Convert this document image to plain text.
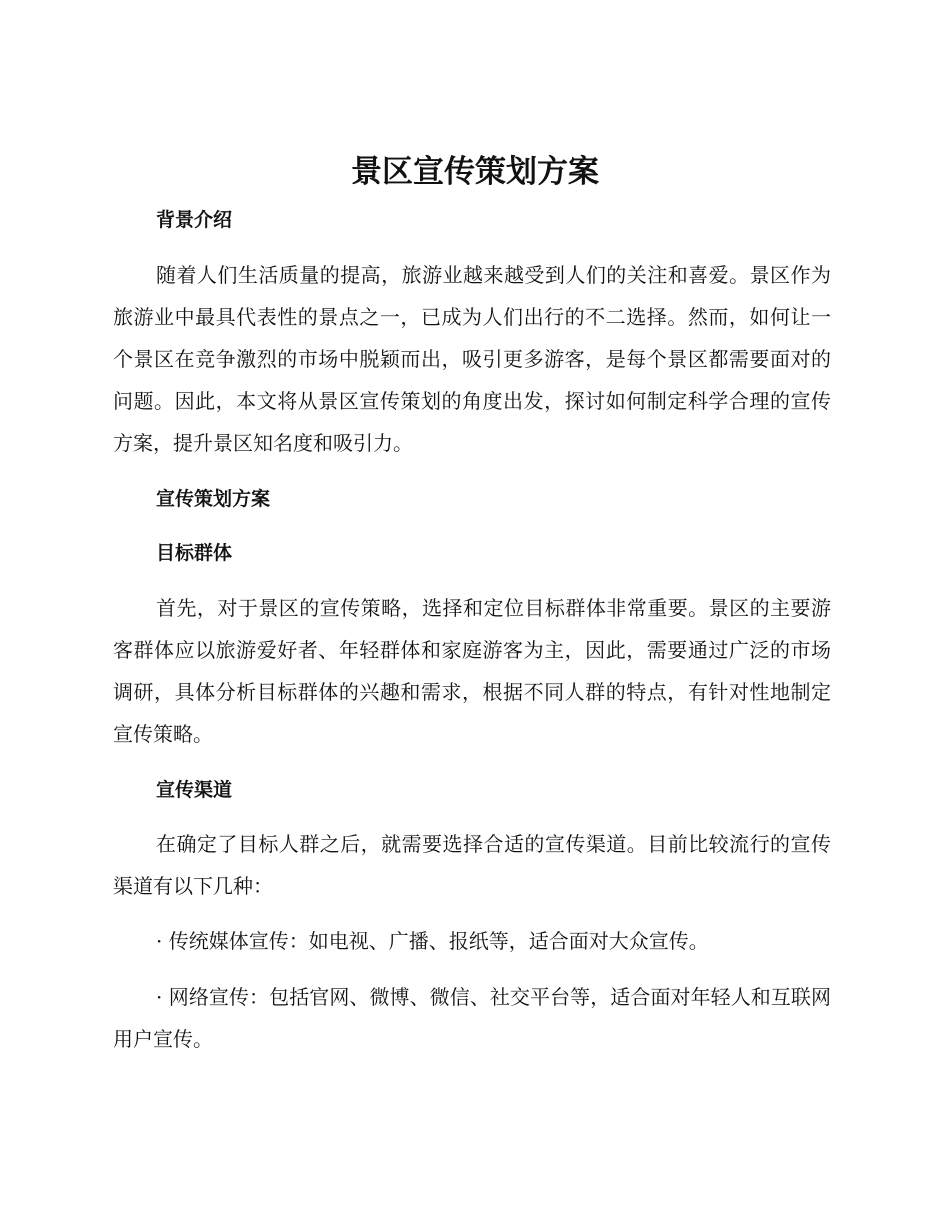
景区宣传策划方案
背景介绍

随着人们生活质量的提高，旅游业越来越受到人们的关注和喜爱。景区作为旅游业中最具代表性的景点之一，已成为人们出行的不二选择。然而，如何让一个景区在竞争激烈的市场中脱颖而出，吸引更多游客，是每个景区都需要面对的问题。因此，本文将从景区宣传策划的角度出发，探讨如何制定科学合理的宣传方案，提升景区知名度和吸引力。

宣传策划方案
目标群体

首先，对于景区的宣传策略，选择和定位目标群体非常重要。景区的主要游客群体应以旅游爱好者、年轻群体和家庭游客为主，因此，需要通过广泛的市场调研，具体分析目标群体的兴趣和需求，根据不同人群的特点，有针对性地制定宣传策略。

宣传渠道

在确定了目标人群之后，就需要选择合适的宣传渠道。目前比较流行的宣传渠道有以下几种：

· 传统媒体宣传：如电视、广播、报纸等，适合面对大众宣传。

· 网络宣传：包括官网、微博、微信、社交平台等，适合面对年轻人和互联网用户宣传。
